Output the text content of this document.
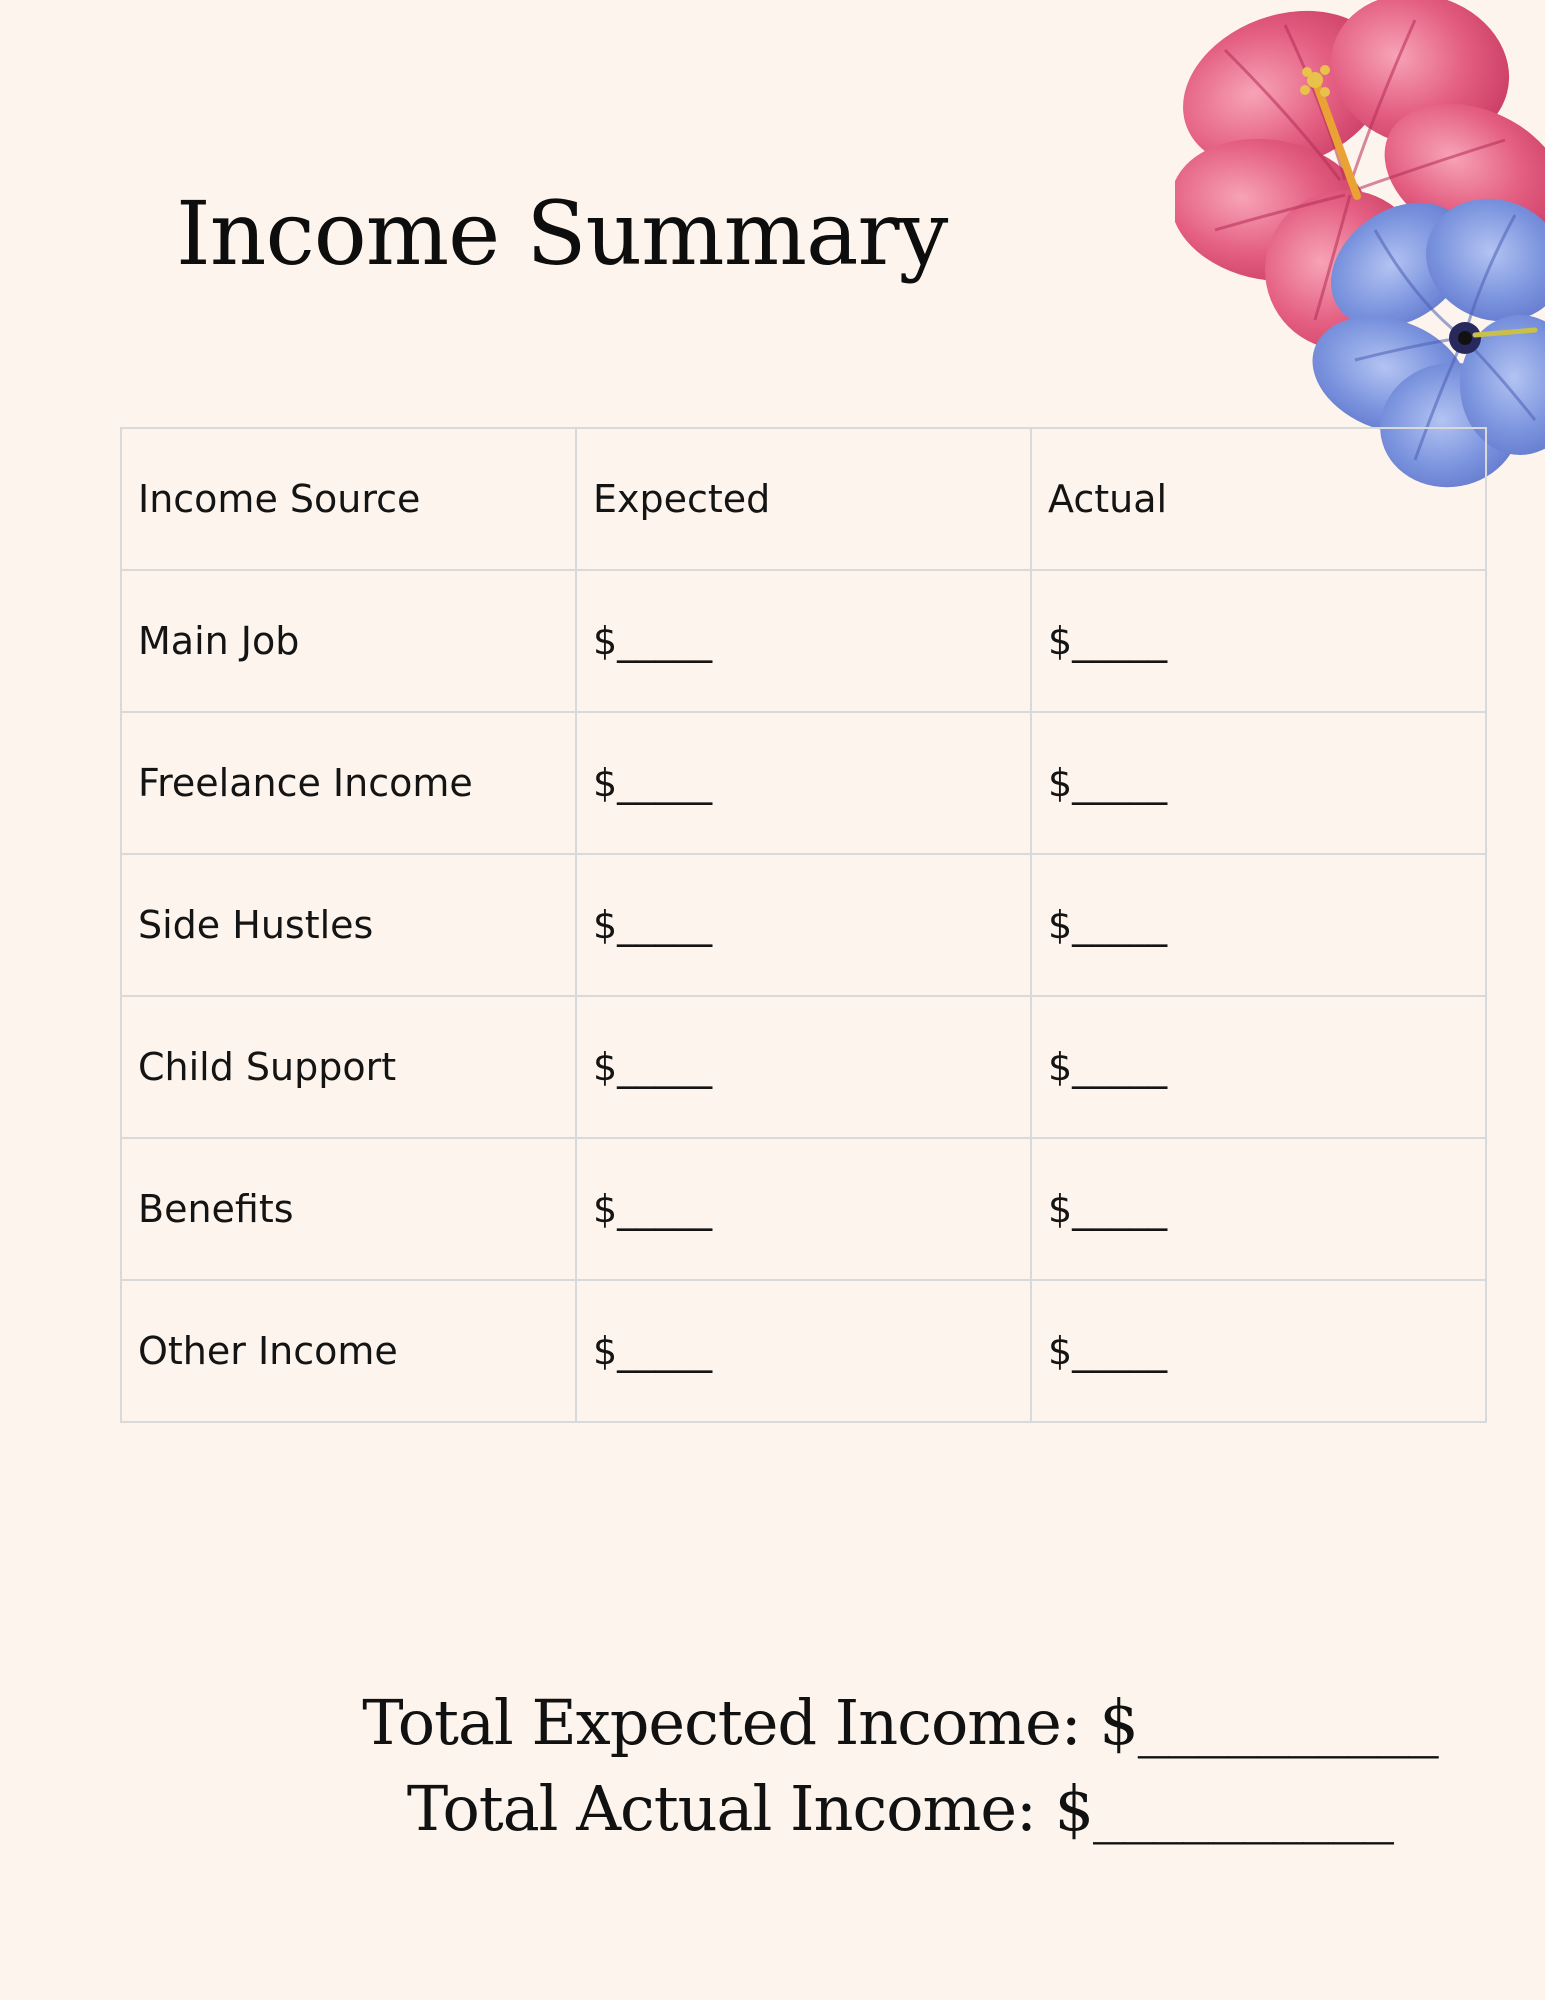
Income Summary
Income Source	Expected	Actual
Main Job	$_____	$_____
Freelance Income	$_____	$_____
Side Hustles	$_____	$_____
Child Support	$_____	$_____
Benefits	$_____	$_____
Other Income	$_____	$_____
Total Expected Income: $__________
Total Actual Income: $__________
